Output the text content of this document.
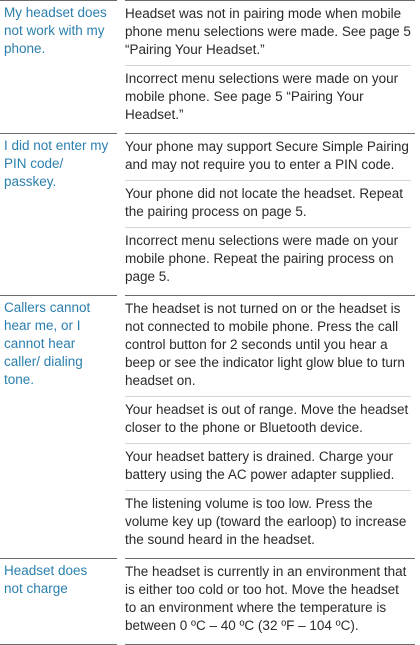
My headset does not work with my phone.		Headset was not in pairing mode when mobile phone menu selections were made. See page 5 “Pairing Your Headset.”
Incorrect menu selections were made on your mobile phone. See page 5 “Pairing Your Headset.”

I did not enter my PIN code/ passkey.		Your phone may support Secure Simple Pairing and may not require you to enter a PIN code.
Your phone did not locate the headset. Repeat the pairing process on page 5.
Incorrect menu selections were made on your mobile phone. Repeat the pairing process on page 5.

Callers cannot hear me, or I cannot hear caller/ dialing tone.		The headset is not turned on or the headset is not connected to mobile phone. Press the call control button for 2 seconds until you hear a beep or see the indicator light glow blue to turn headset on.
Your headset is out of range. Move the headset closer to the phone or Bluetooth device.
Your headset battery is drained. Charge your battery using the AC power adapter supplied.
The listening volume is too low. Press the volume key up (toward the earloop) to increase the sound heard in the headset.

Headset does not charge		The headset is currently in an environment that is either too cold or too hot. Move the headset to an environment where the temperature is between 0 ºC – 40 ºC (32 ºF – 104 ºC).
